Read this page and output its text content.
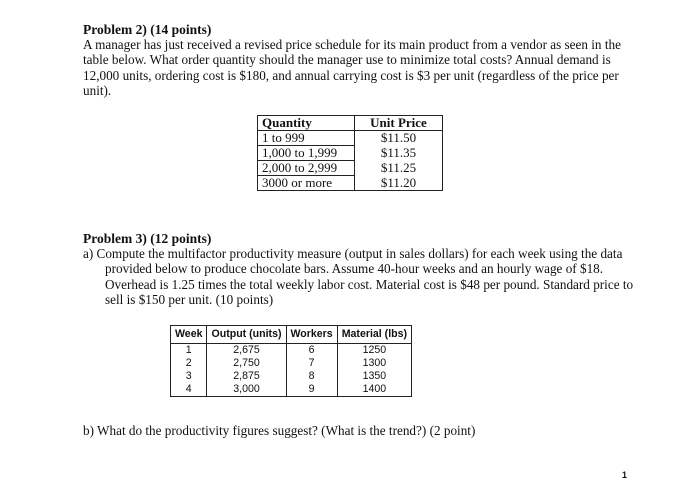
Problem 2) (14 points)
A manager has just received a revised price schedule for its main product from a vendor as seen in the table below. What order quantity should the manager use to minimize total costs? Annual demand is 12,000 units, ordering cost is $180, and annual carrying cost is $3 per unit (regardless of the price per unit).
Quantity	Unit Price
1 to 999	$11.50
1,000 to 1,999	$11.35
2,000 to 2,999	$11.25
3000 or more	$11.20
Problem 3) (12 points)
a) Compute the multifactor productivity measure (output in sales dollars) for each week using the data provided below to produce chocolate bars. Assume 40-hour weeks and an hourly wage of $18. Overhead is 1.25 times the total weekly labor cost. Material cost is $48 per pound. Standard price to sell is $150 per unit. (10 points)
Week	Output (units)	Workers	Material (lbs)
1	2,675	6	1250
2	2,750	7	1300
3	2,875	8	1350
4	3,000	9	1400
b) What do the productivity figures suggest? (What is the trend?) (2 point)
1
